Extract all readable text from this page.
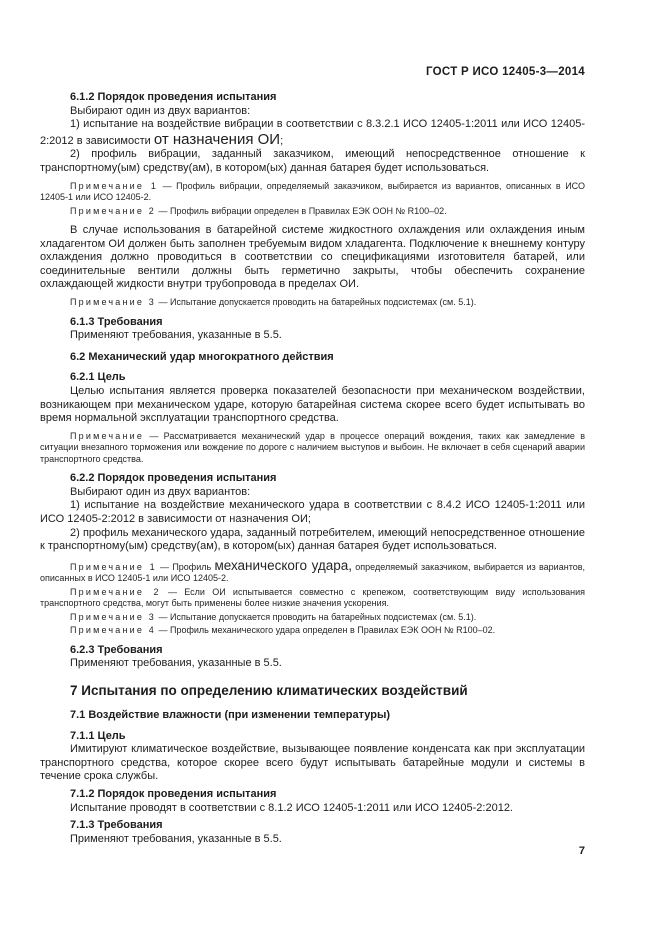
ГОСТ Р ИСО 12405-3—2014
6.1.2 Порядок проведения испытания
Выбирают один из двух вариантов:
1) испытание на воздействие вибрации в соответствии с 8.3.2.1 ИСО 12405-1:2011 или ИСО 12405-2:2012 в зависимости от назначения ОИ;
2) профиль вибрации, заданный заказчиком, имеющий непосредственное отношение к транспортному(ым) средству(ам), в котором(ых) данная батарея будет использоваться.
Примечание 1 — Профиль вибрации, определяемый заказчиком, выбирается из вариантов, описанных в ИСО 12405-1 или ИСО 12405-2.
Примечание 2 — Профиль вибрации определен в Правилах ЕЭК ООН № R100–02.
В случае использования в батарейной системе жидкостного охлаждения или охлаждения иным хладагентом ОИ должен быть заполнен требуемым видом хладагента. Подключение к внешнему контуру охлаждения должно проводиться в соответствии со спецификациями изготовителя батарей, или соединительные вентили должны быть герметично закрыты, чтобы обеспечить сохранение охлаждающей жидкости внутри трубопровода в пределах ОИ.
Примечание 3 — Испытание допускается проводить на батарейных подсистемах (см. 5.1).
6.1.3 Требования
Применяют требования, указанные в 5.5.
6.2 Механический удар многократного действия
6.2.1 Цель
Целью испытания является проверка показателей безопасности при механическом воздействии, возникающем при механическом ударе, которую батарейная система скорее всего будет испытывать во время нормальной эксплуатации транспортного средства.
Примечание — Рассматривается механический удар в процессе операций вождения, таких как замедление в ситуации внезапного торможения или вождение по дороге с наличием выступов и выбоин. Не включает в себя сценарий аварии транспортного средства.
6.2.2 Порядок проведения испытания
Выбирают один из двух вариантов:
1) испытание на воздействие механического удара в соответствии с 8.4.2 ИСО 12405-1:2011 или ИСО 12405-2:2012 в зависимости от назначения ОИ;
2) профиль механического удара, заданный потребителем, имеющий непосредственное отношение к транспортному(ым) средству(ам), в котором(ых) данная батарея будет использоваться.
Примечание 1 — Профиль механического удара, определяемый заказчиком, выбирается из вариантов, описанных в ИСО 12405-1 или ИСО 12405-2.
Примечание 2 — Если ОИ испытывается совместно с крепежом, соответствующим виду использования транспортного средства, могут быть применены более низкие значения ускорения.
Примечание 3 — Испытание допускается проводить на батарейных подсистемах (см. 5.1).
Примечание 4 — Профиль механического удара определен в Правилах ЕЭК ООН № R100–02.
6.2.3 Требования
Применяют требования, указанные в 5.5.
7 Испытания по определению климатических воздействий
7.1 Воздействие влажности (при изменении температуры)
7.1.1 Цель
Имитируют климатическое воздействие, вызывающее появление конденсата как при эксплуатации транспортного средства, которое скорее всего будут испытывать батарейные модули и системы в течение срока службы.
7.1.2 Порядок проведения испытания
Испытание проводят в соответствии с 8.1.2 ИСО 12405-1:2011 или ИСО 12405-2:2012.
7.1.3 Требования
Применяют требования, указанные в 5.5.
7
